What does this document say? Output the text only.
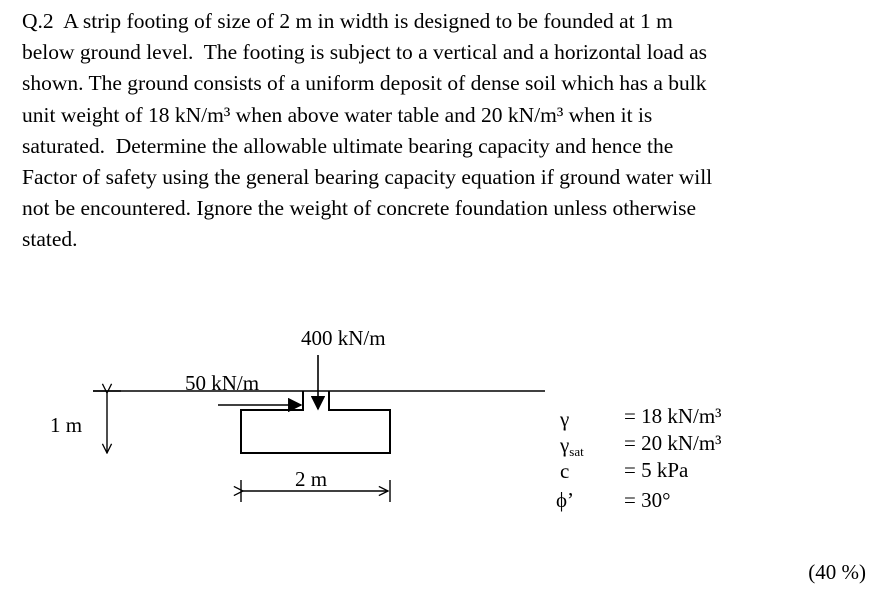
Q.2  A strip footing of size of 2 m in width is designed to be founded at 1 m

below ground level.  The footing is subject to a vertical and a horizontal load as

shown. The ground consists of a uniform deposit of dense soil which has a bulk

unit weight of 18 kN/m³ when above water table and 20 kN/m³ when it is

saturated.  Determine the allowable ultimate bearing capacity and hence the

Factor of safety using the general bearing capacity equation if ground water will

not be encountered. Ignore the weight of concrete foundation unless otherwise

stated.

400 kN/m
50 kN/m
1 m
2 m
γ	= 18 kN/m³
$\gamma_{sat} = 20$ kN/m³
c	= 5 kPa
ϕ’ = 30°
(40 %)
